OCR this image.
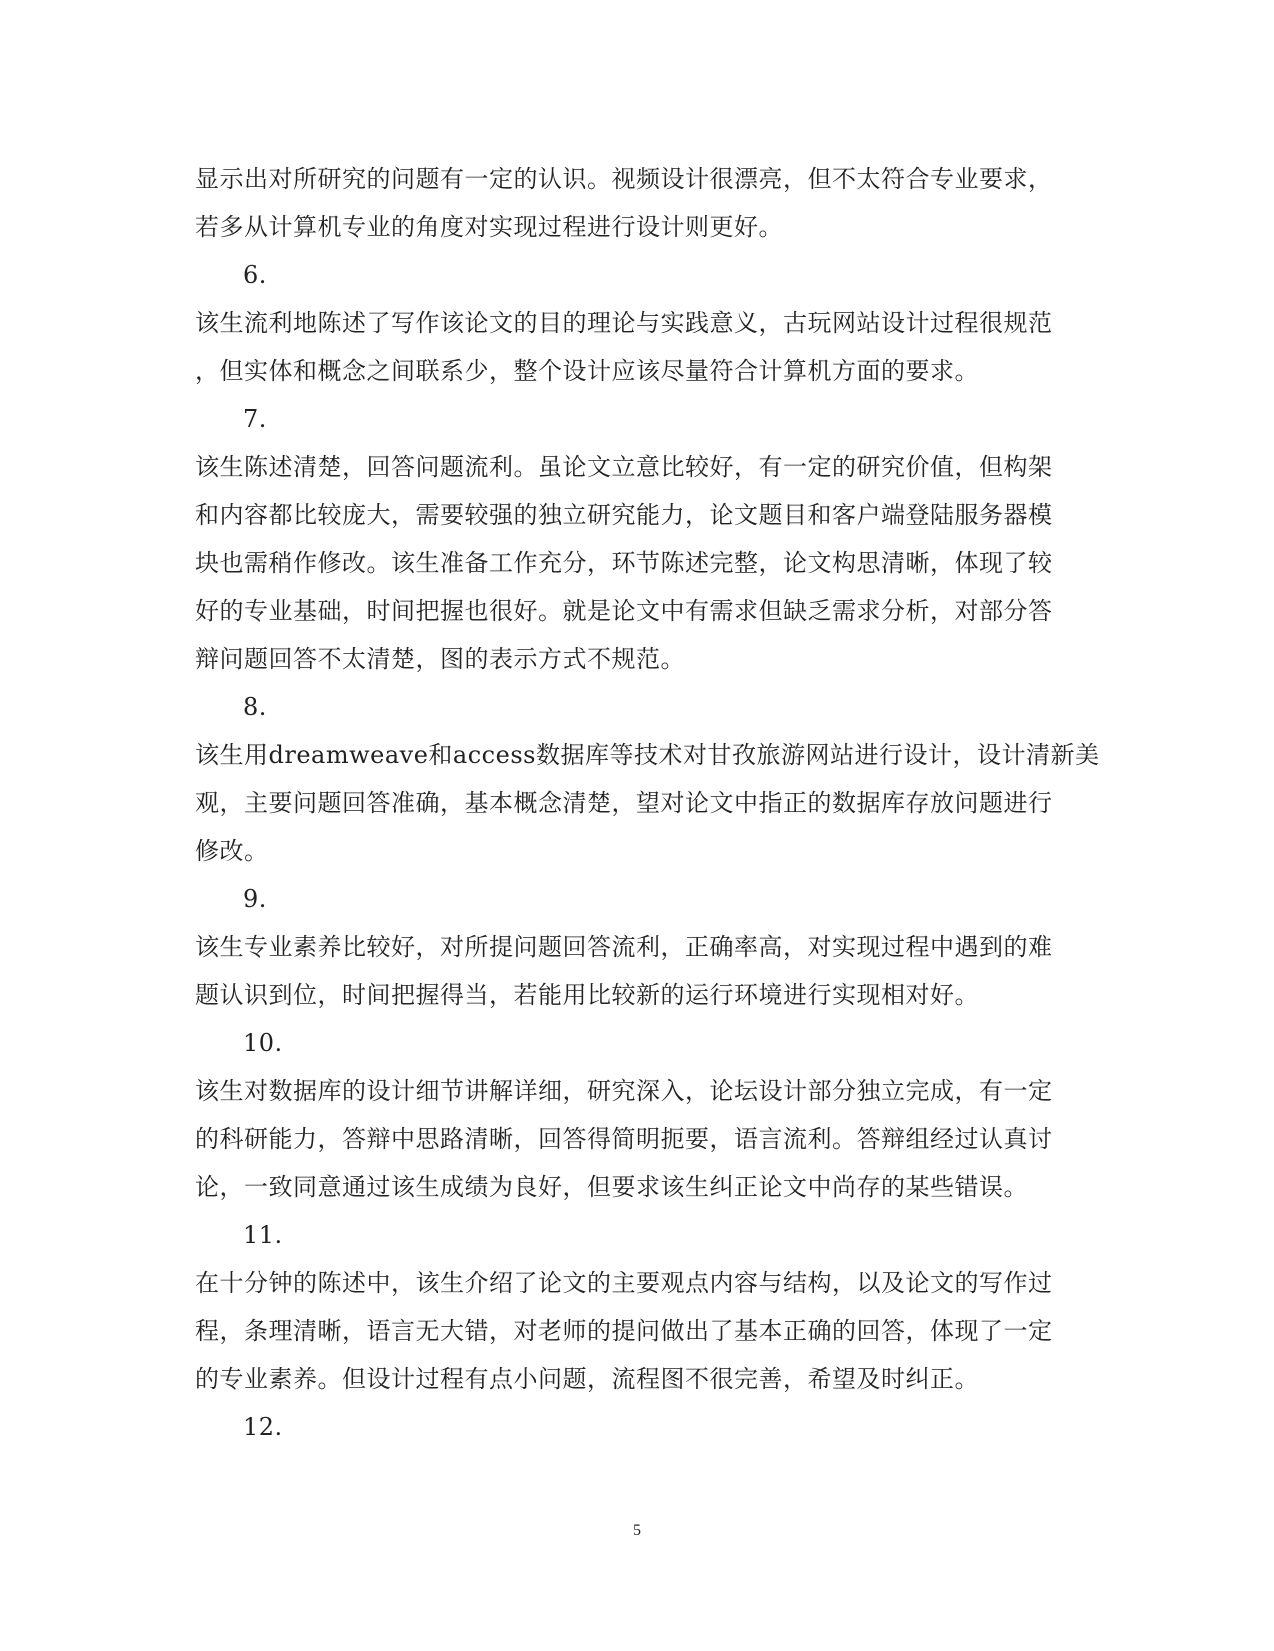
显示出对所研究的问题有一定的认识。视频设计很漂亮，但不太符合专业要求，
若多从计算机专业的角度对实现过程进行设计则更好。
6.
该生流利地陈述了写作该论文的目的理论与实践意义，古玩网站设计过程很规范
，但实体和概念之间联系少，整个设计应该尽量符合计算机方面的要求。
7.
该生陈述清楚，回答问题流利。虽论文立意比较好，有一定的研究价值，但构架
和内容都比较庞大，需要较强的独立研究能力，论文题目和客户端登陆服务器模
块也需稍作修改。该生准备工作充分，环节陈述完整，论文构思清晰，体现了较
好的专业基础，时间把握也很好。就是论文中有需求但缺乏需求分析，对部分答
辩问题回答不太清楚，图的表示方式不规范。
8.
该生用dreamweave和access数据库等技术对甘孜旅游网站进行设计，设计清新美
观，主要问题回答准确，基本概念清楚，望对论文中指正的数据库存放问题进行
修改。
9.
该生专业素养比较好，对所提问题回答流利，正确率高，对实现过程中遇到的难
题认识到位，时间把握得当，若能用比较新的运行环境进行实现相对好。
10.
该生对数据库的设计细节讲解详细，研究深入，论坛设计部分独立完成，有一定
的科研能力，答辩中思路清晰，回答得简明扼要，语言流利。答辩组经过认真讨
论，一致同意通过该生成绩为良好，但要求该生纠正论文中尚存的某些错误。
11.
在十分钟的陈述中，该生介绍了论文的主要观点内容与结构，以及论文的写作过
程，条理清晰，语言无大错，对老师的提问做出了基本正确的回答，体现了一定
的专业素养。但设计过程有点小问题，流程图不很完善，希望及时纠正。
12.
5
